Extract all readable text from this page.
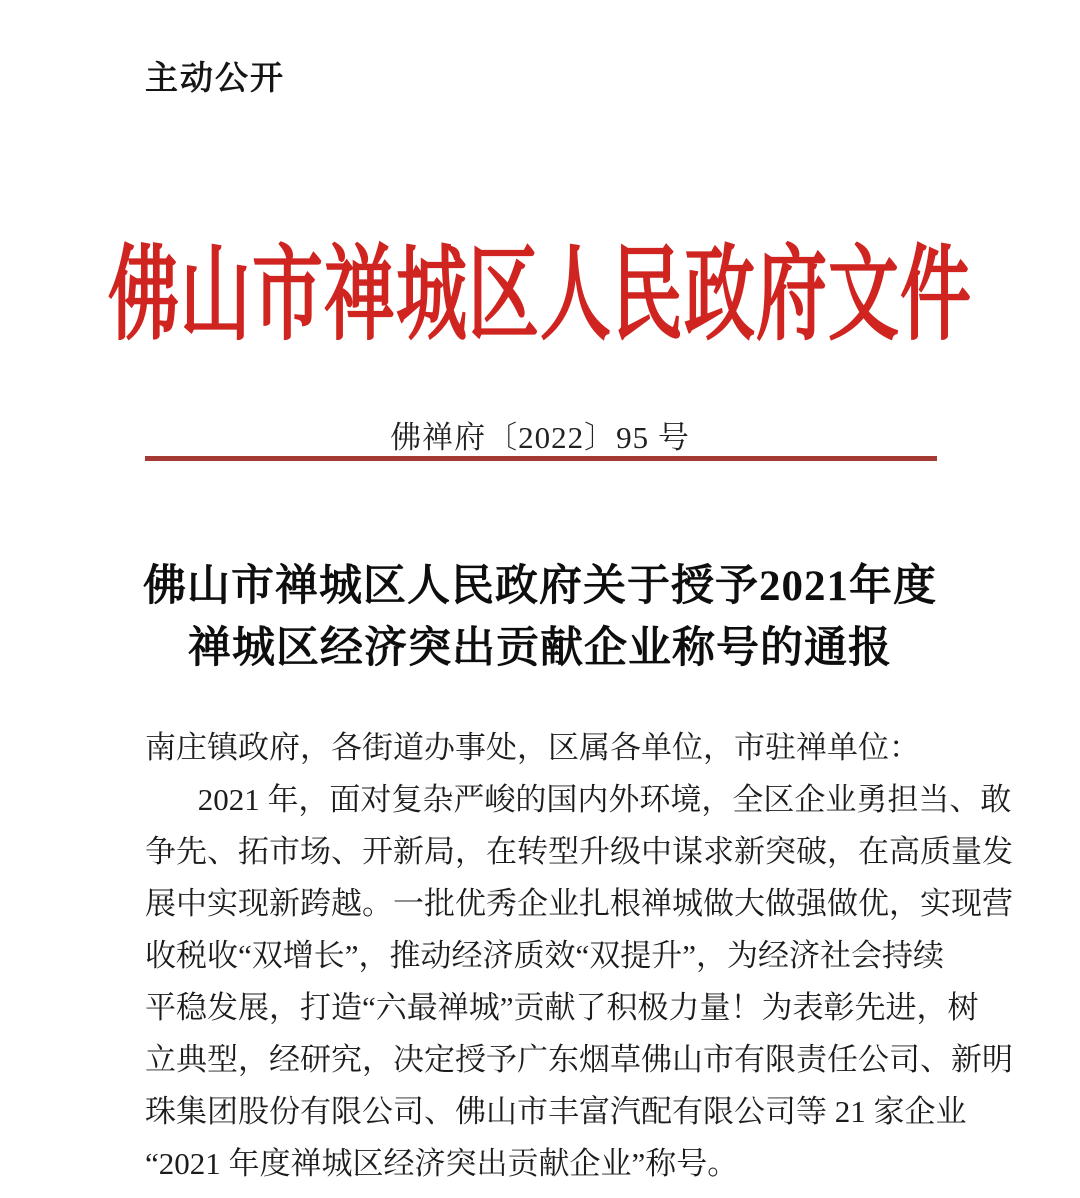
主动公开
佛山市禅城区人民政府文件
佛禅府〔2022〕95 号
佛山市禅城区人民政府关于授予2021年度
禅城区经济突出贡献企业称号的通报
南庄镇政府，各街道办事处，区属各单位，市驻禅单位：
2021 年，面对复杂严峻的国内外环境，全区企业勇担当、敢
争先、拓市场、开新局，在转型升级中谋求新突破，在高质量发
展中实现新跨越。一批优秀企业扎根禅城做大做强做优，实现营
收税收“双增长”，推动经济质效“双提升”，为经济社会持续
平稳发展，打造“六最禅城”贡献了积极力量！为表彰先进，树
立典型，经研究，决定授予广东烟草佛山市有限责任公司、新明
珠集团股份有限公司、佛山市丰富汽配有限公司等 21 家企业
“2021 年度禅城区经济突出贡献企业”称号。
